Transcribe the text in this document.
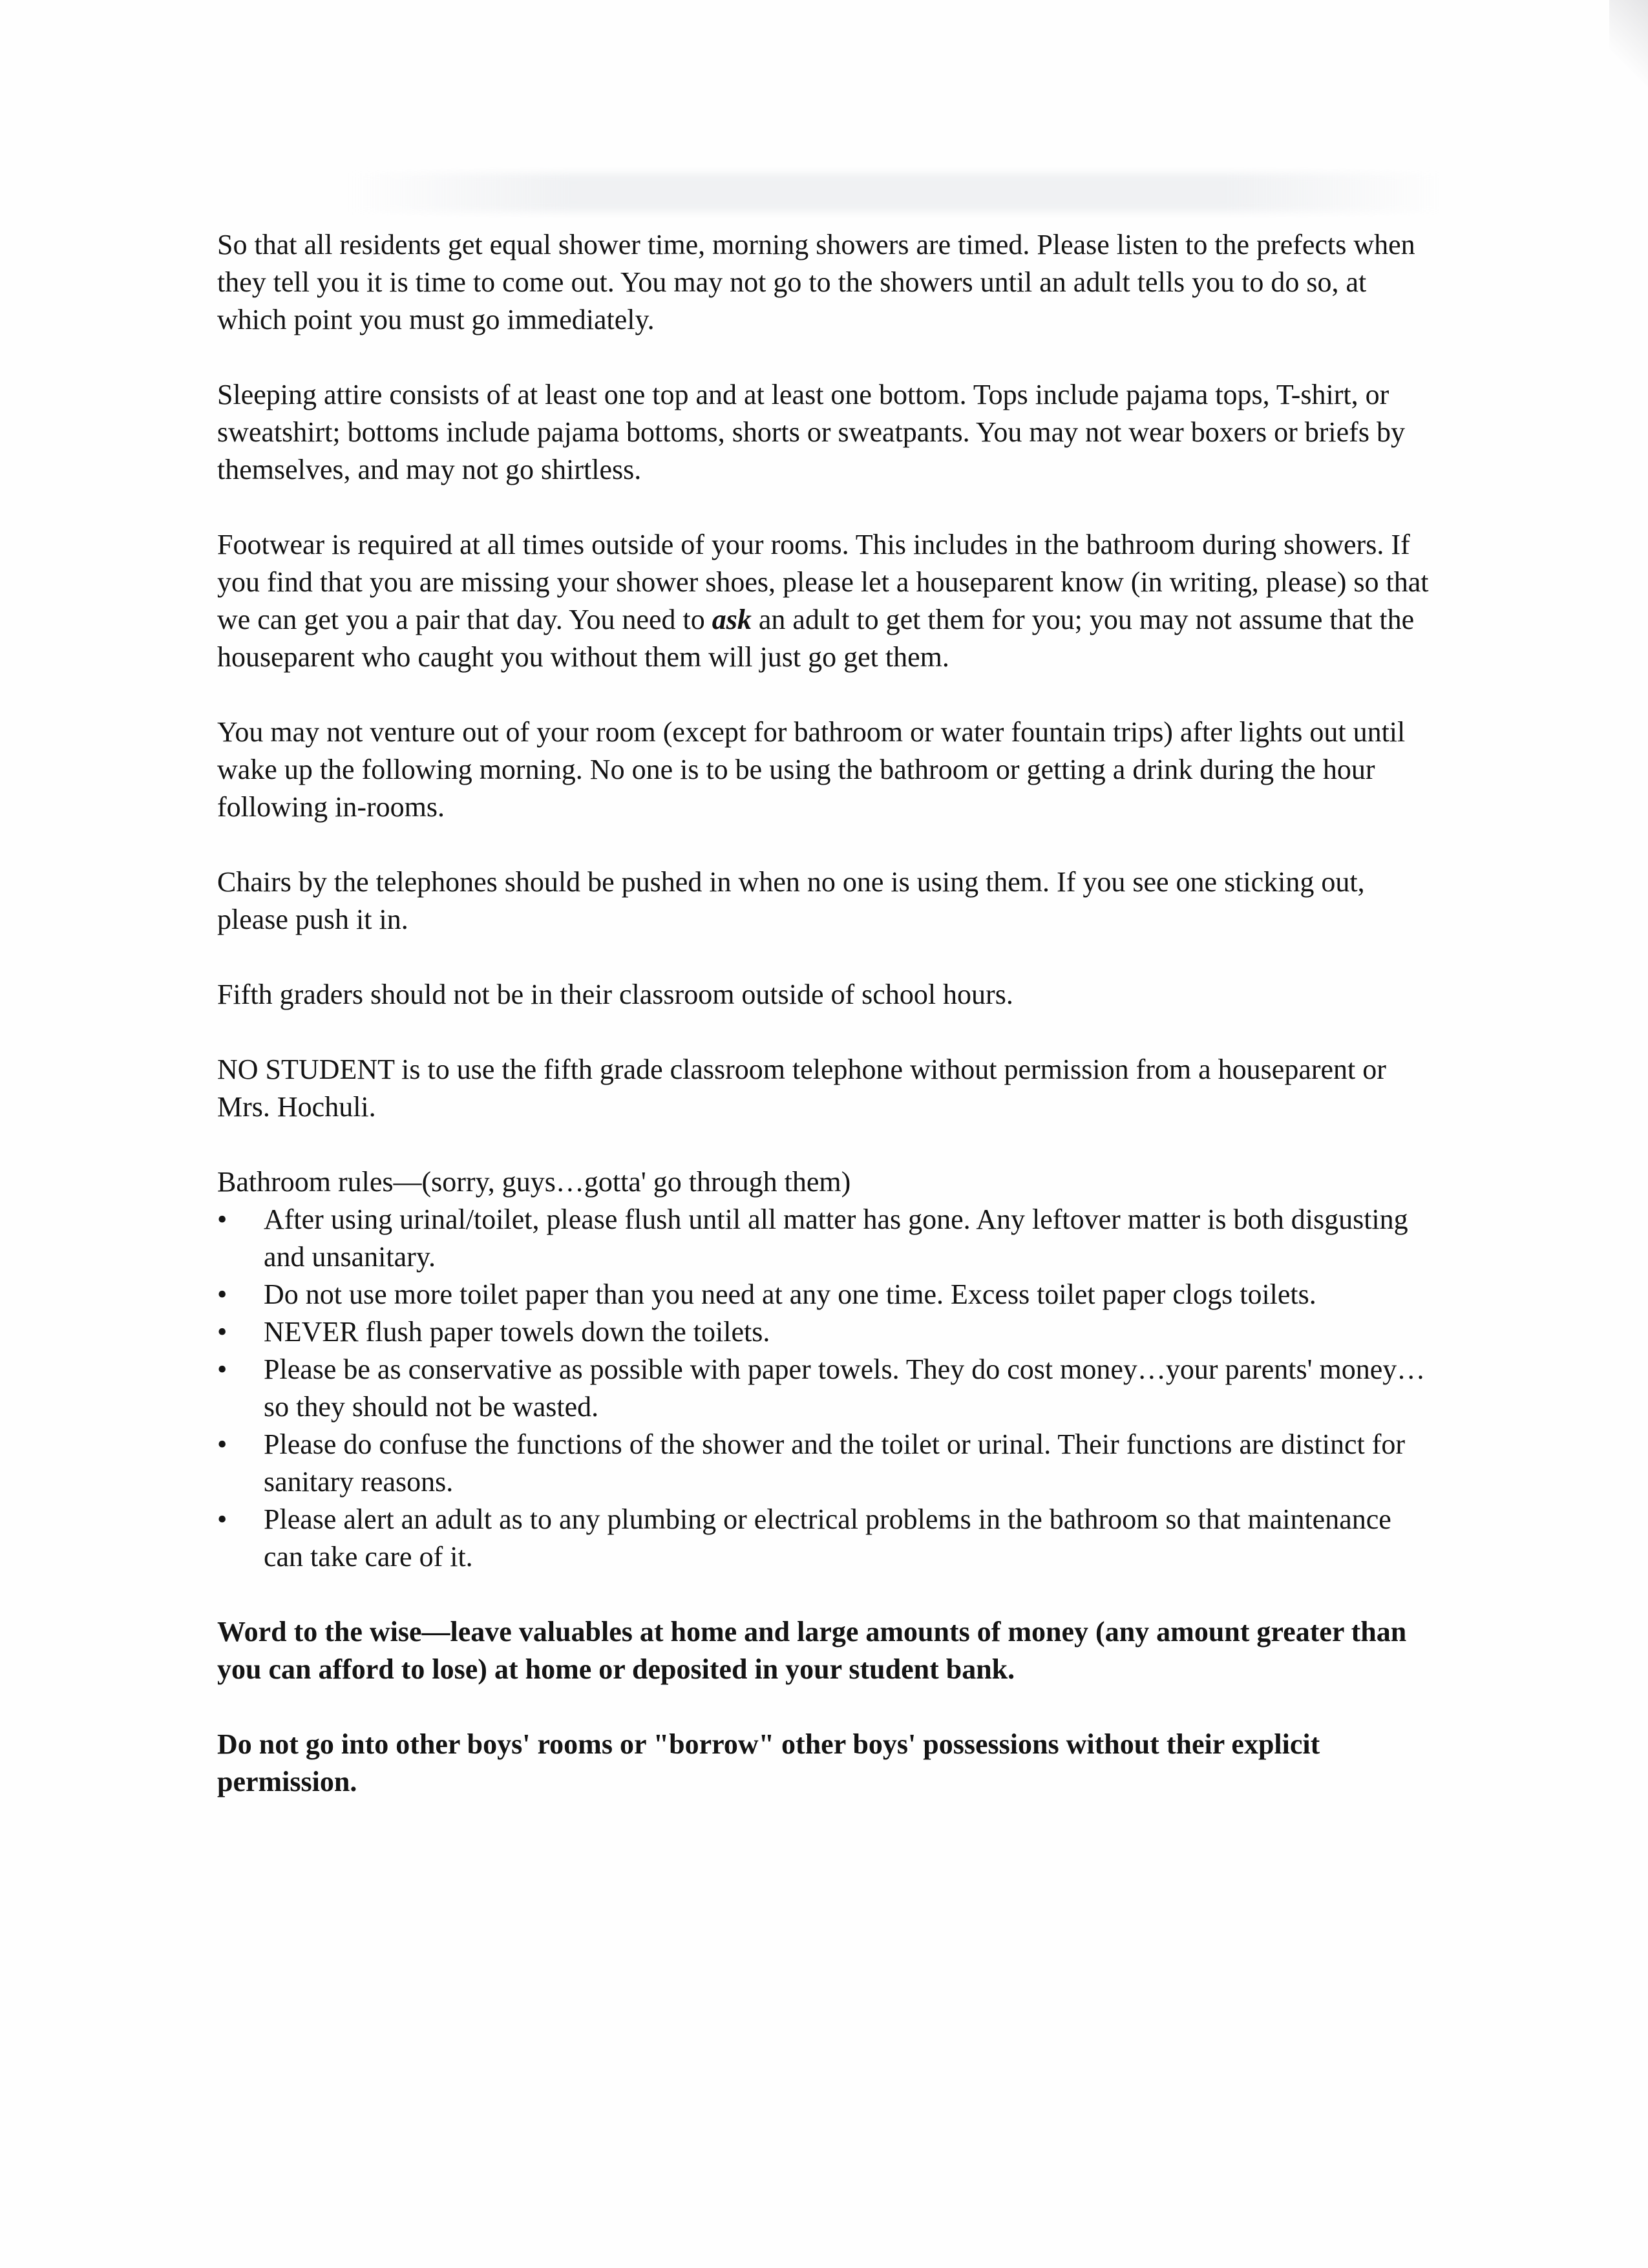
So that all residents get equal shower time, morning showers are timed. Please listen to the prefects when they tell you it is time to come out. You may not go to the showers until an adult tells you to do so, at which point you must go immediately.

Sleeping attire consists of at least one top and at least one bottom. Tops include pajama tops, T-shirt, or sweatshirt; bottoms include pajama bottoms, shorts or sweatpants. You may not wear boxers or briefs by themselves, and may not go shirtless.

Footwear is required at all times outside of your rooms. This includes in the bathroom during showers. If you find that you are missing your shower shoes, please let a houseparent know (in writing, please) so that we can get you a pair that day. You need to ask an adult to get them for you; you may not assume that the houseparent who caught you without them will just go get them.

You may not venture out of your room (except for bathroom or water fountain trips) after lights out until wake up the following morning. No one is to be using the bathroom or getting a drink during the hour following in-rooms.

Chairs by the telephones should be pushed in when no one is using them. If you see one sticking out, please push it in.

Fifth graders should not be in their classroom outside of school hours.

NO STUDENT is to use the fifth grade classroom telephone without permission from a houseparent or Mrs. Hochuli.

Bathroom rules—(sorry, guys…gotta' go through them)

•	After using urinal/toilet, please flush until all matter has gone. Any leftover matter is both disgusting and unsanitary.
•	Do not use more toilet paper than you need at any one time. Excess toilet paper clogs toilets.
•	NEVER flush paper towels down the toilets.
•	Please be as conservative as possible with paper towels. They do cost money…your parents' money…so they should not be wasted.
•	Please do confuse the functions of the shower and the toilet or urinal. Their functions are distinct for sanitary reasons.
•	Please alert an adult as to any plumbing or electrical problems in the bathroom so that maintenance can take care of it.

Word to the wise—leave valuables at home and large amounts of money (any amount greater than you can afford to lose) at home or deposited in your student bank.

Do not go into other boys' rooms or "borrow" other boys' possessions without their explicit permission.
